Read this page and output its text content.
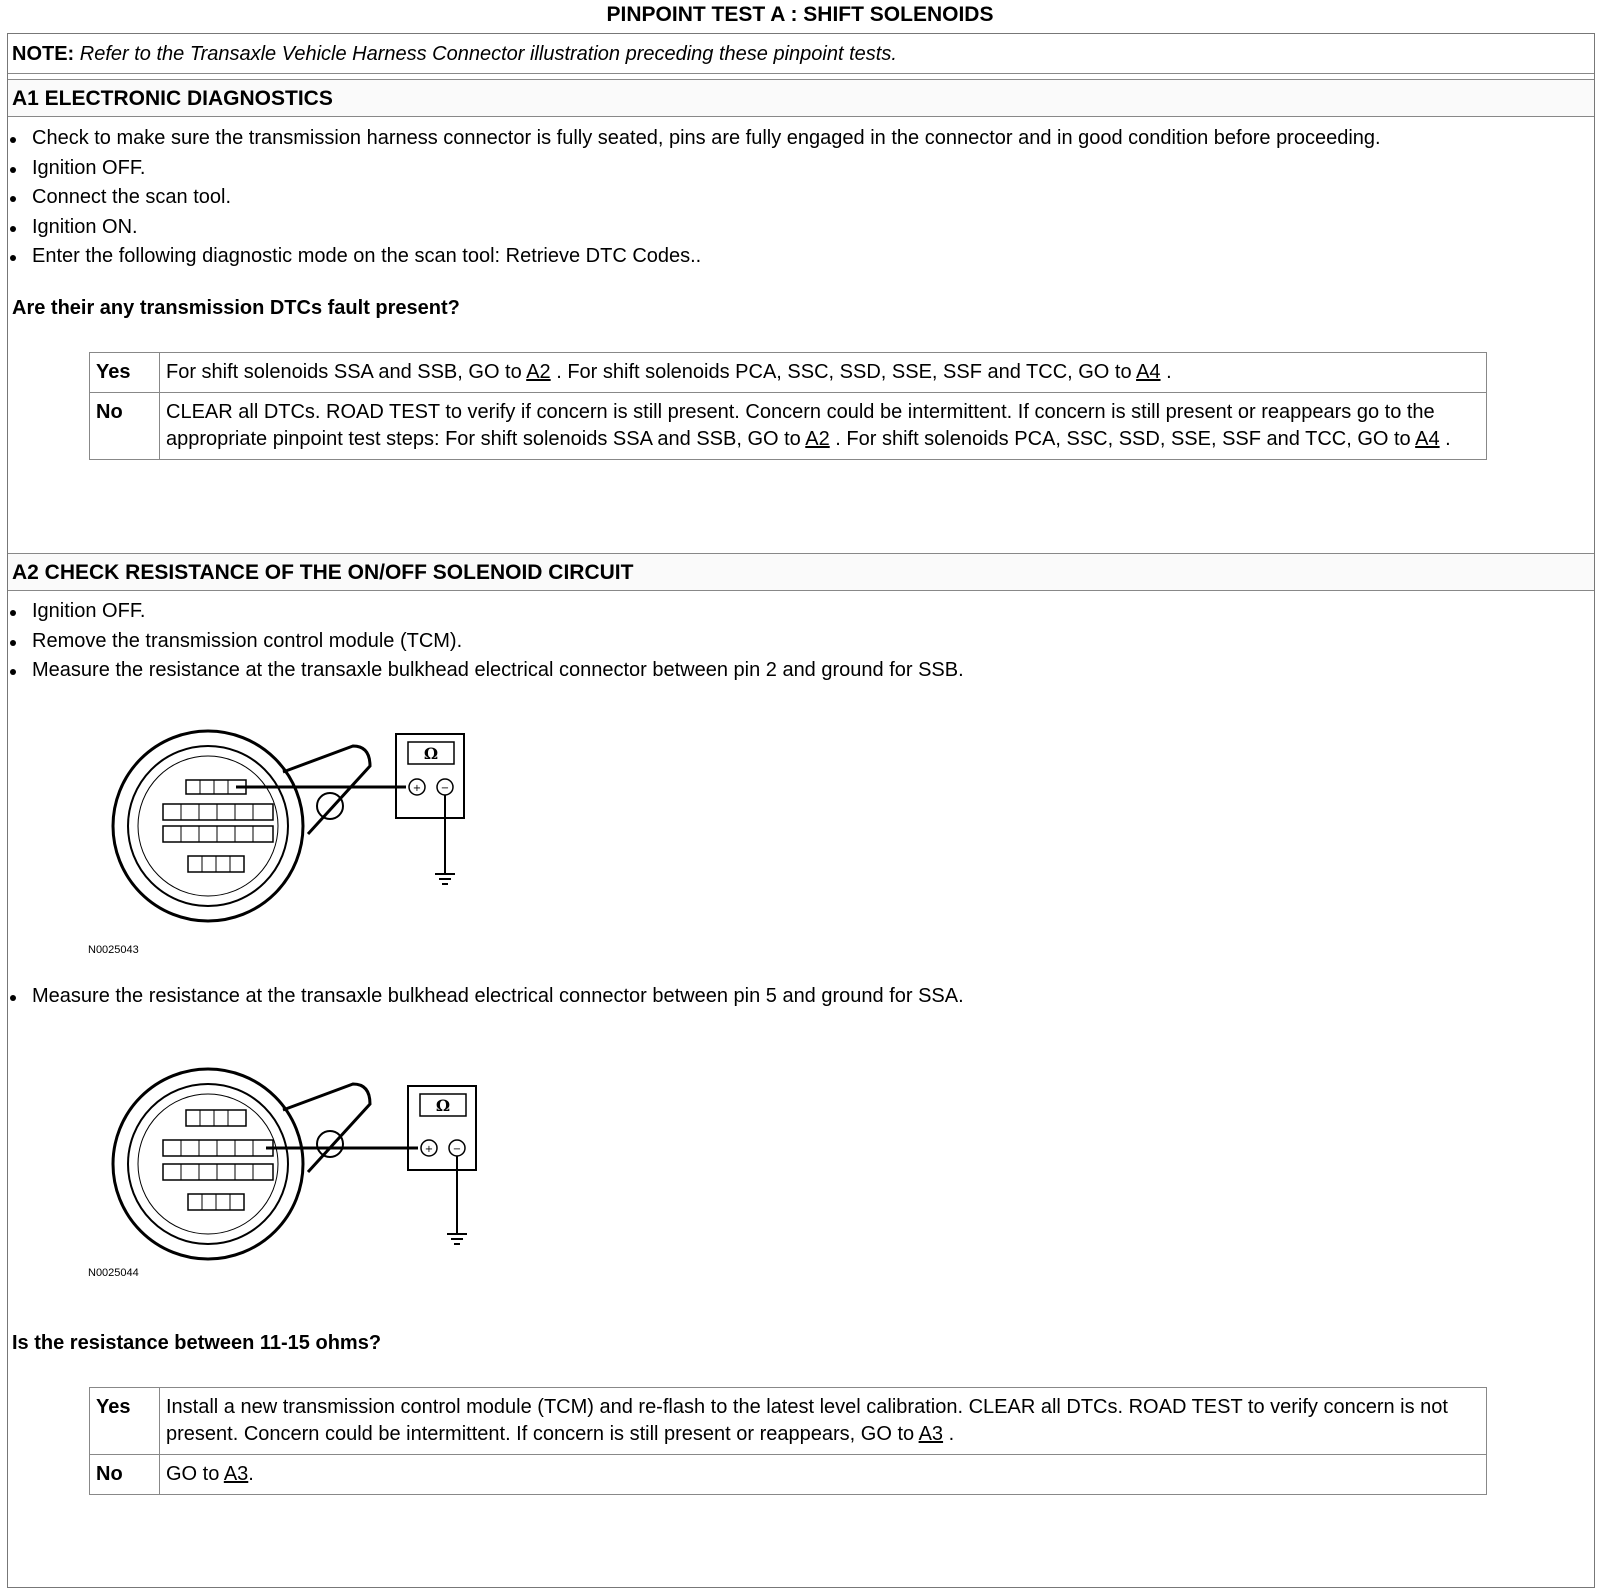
PINPOINT TEST A : SHIFT SOLENOIDS
NOTE: Refer to the Transaxle Vehicle Harness Connector illustration preceding these pinpoint tests.
A1 ELECTRONIC DIAGNOSTICS
Check to make sure the transmission harness connector is fully seated, pins are fully engaged in the connector and in good condition before proceeding.
Ignition OFF.
Connect the scan tool.
Ignition ON.
Enter the following diagnostic mode on the scan tool: Retrieve DTC Codes..
Are their any transmission DTCs fault present?
Yes	For shift solenoids SSA and SSB, GO to A2 . For shift solenoids PCA, SSC, SSD, SSE, SSF and TCC, GO to A4 .
No	CLEAR all DTCs. ROAD TEST to verify if concern is still present. Concern could be intermittent. If concern is still present or reappears go to the appropriate pinpoint test steps: For shift solenoids SSA and SSB, GO to A2 . For shift solenoids PCA, SSC, SSD, SSE, SSF and TCC, GO to A4 .
A2 CHECK RESISTANCE OF THE ON/OFF SOLENOID CIRCUIT
Ignition OFF.
Remove the transmission control module (TCM).
Measure the resistance at the transaxle bulkhead electrical connector between pin 2 and ground for SSB.
Ω
+ −
N0025043
Measure the resistance at the transaxle bulkhead electrical connector between pin 5 and ground for SSA.
Ω
+ −
N0025044
Is the resistance between 11-15 ohms?
Yes	Install a new transmission control module (TCM) and re-flash to the latest level calibration. CLEAR all DTCs. ROAD TEST to verify concern is not present. Concern could be intermittent. If concern is still present or reappears, GO to A3 .
No	GO to A3.
